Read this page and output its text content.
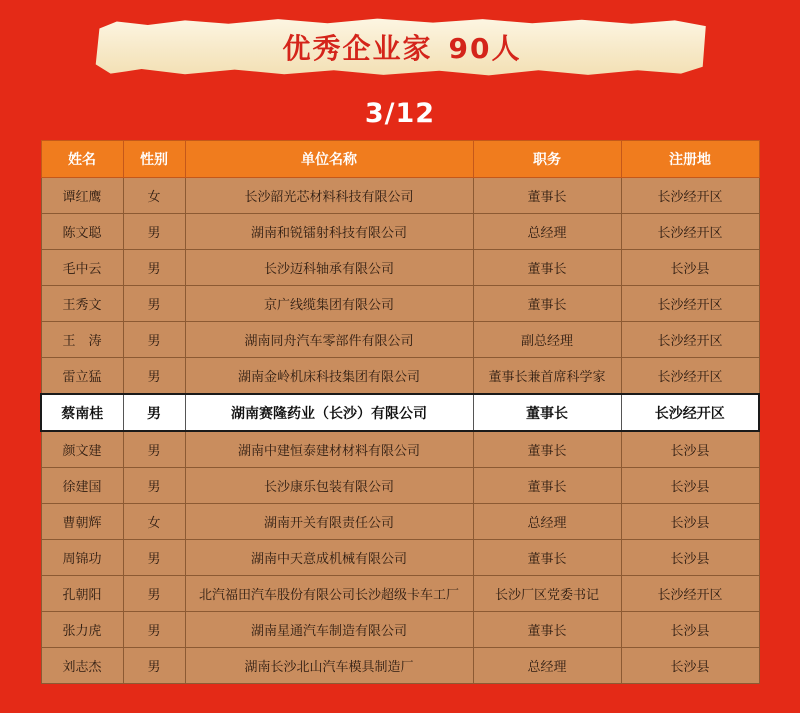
优秀企业家 90人
3/12
姓名	性别	单位名称	职务	注册地
谭红鹰	女	长沙韶光芯材料科技有限公司	董事长	长沙经开区
陈文聪	男	湖南和锐镭射科技有限公司	总经理	长沙经开区
毛中云	男	长沙迈科轴承有限公司	董事长	长沙县
王秀文	男	京广线缆集团有限公司	董事长	长沙经开区
王　涛	男	湖南同舟汽车零部件有限公司	副总经理	长沙经开区
雷立猛	男	湖南金岭机床科技集团有限公司	董事长兼首席科学家	长沙经开区
蔡南桂	男	湖南赛隆药业（长沙）有限公司	董事长	长沙经开区
颜文建	男	湖南中建恒泰建材材料有限公司	董事长	长沙县
徐建国	男	长沙康乐包装有限公司	董事长	长沙县
曹朝辉	女	湖南开关有限责任公司	总经理	长沙县
周锦功	男	湖南中天意成机械有限公司	董事长	长沙县
孔朝阳	男	北汽福田汽车股份有限公司长沙超级卡车工厂	长沙厂区党委书记	长沙经开区
张力虎	男	湖南星通汽车制造有限公司	董事长	长沙县
刘志杰	男	湖南长沙北山汽车模具制造厂	总经理	长沙县
